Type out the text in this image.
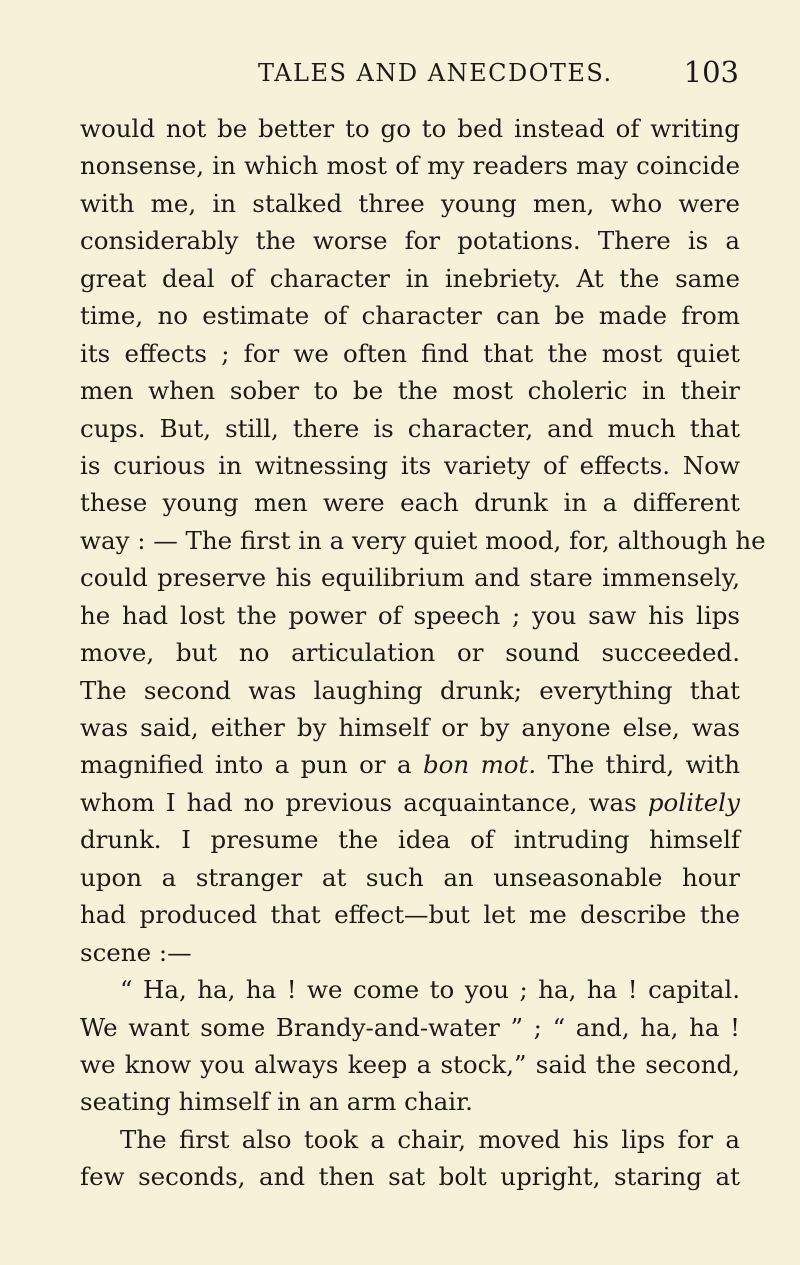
TALES AND ANECDOTES. 103
would not be better to go to bed instead of writing
nonsense, in which most of my readers may coincide
with me, in stalked three young men, who were
considerably the worse for potations. There is a
great deal of character in inebriety. At the same
time, no estimate of character can be made from
its effects ; for we often find that the most quiet
men when sober to be the most choleric in their
cups. But, still, there is character, and much that
is curious in witnessing its variety of effects. Now
these young men were each drunk in a different
way : — The first in a very quiet mood, for, although he
could preserve his equilibrium and stare immensely,
he had lost the power of speech ; you saw his lips
move, but no articulation or sound succeeded.
The second was laughing drunk; everything that
was said, either by himself or by anyone else, was
magnified into a pun or a bon mot. The third, with
whom I had no previous acquaintance, was politely
drunk. I presume the idea of intruding himself
upon a stranger at such an unseasonable hour
had produced that effect—but let me describe the
scene :—
“ Ha, ha, ha ! we come to you ; ha, ha ! capital.
We want some Brandy-and-water ” ; “ and, ha, ha !
we know you always keep a stock,” said the second,
seating himself in an arm chair.
The first also took a chair, moved his lips for a
few seconds, and then sat bolt upright, staring at
